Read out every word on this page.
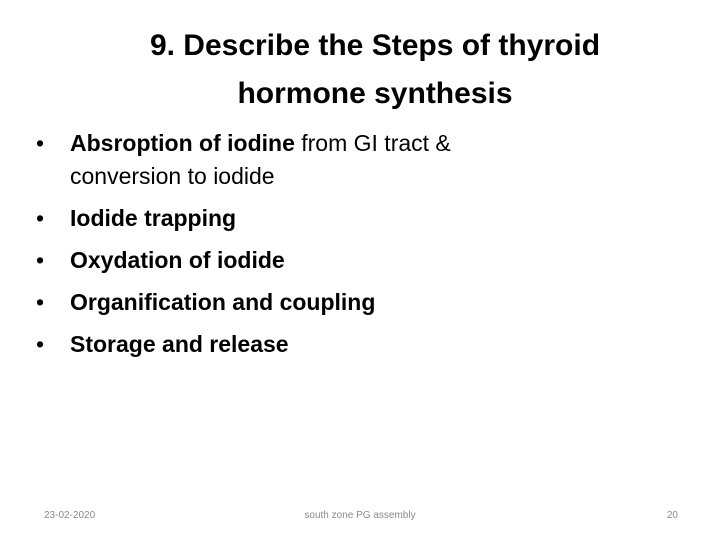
9. Describe the Steps of thyroid
hormone synthesis
• Absroption of iodine from GI tract &
conversion to iodide
• Iodide trapping
• Oxydation of iodide
• Organification and coupling
• Storage and release
23-02-2020	south zone PG assembly	20
